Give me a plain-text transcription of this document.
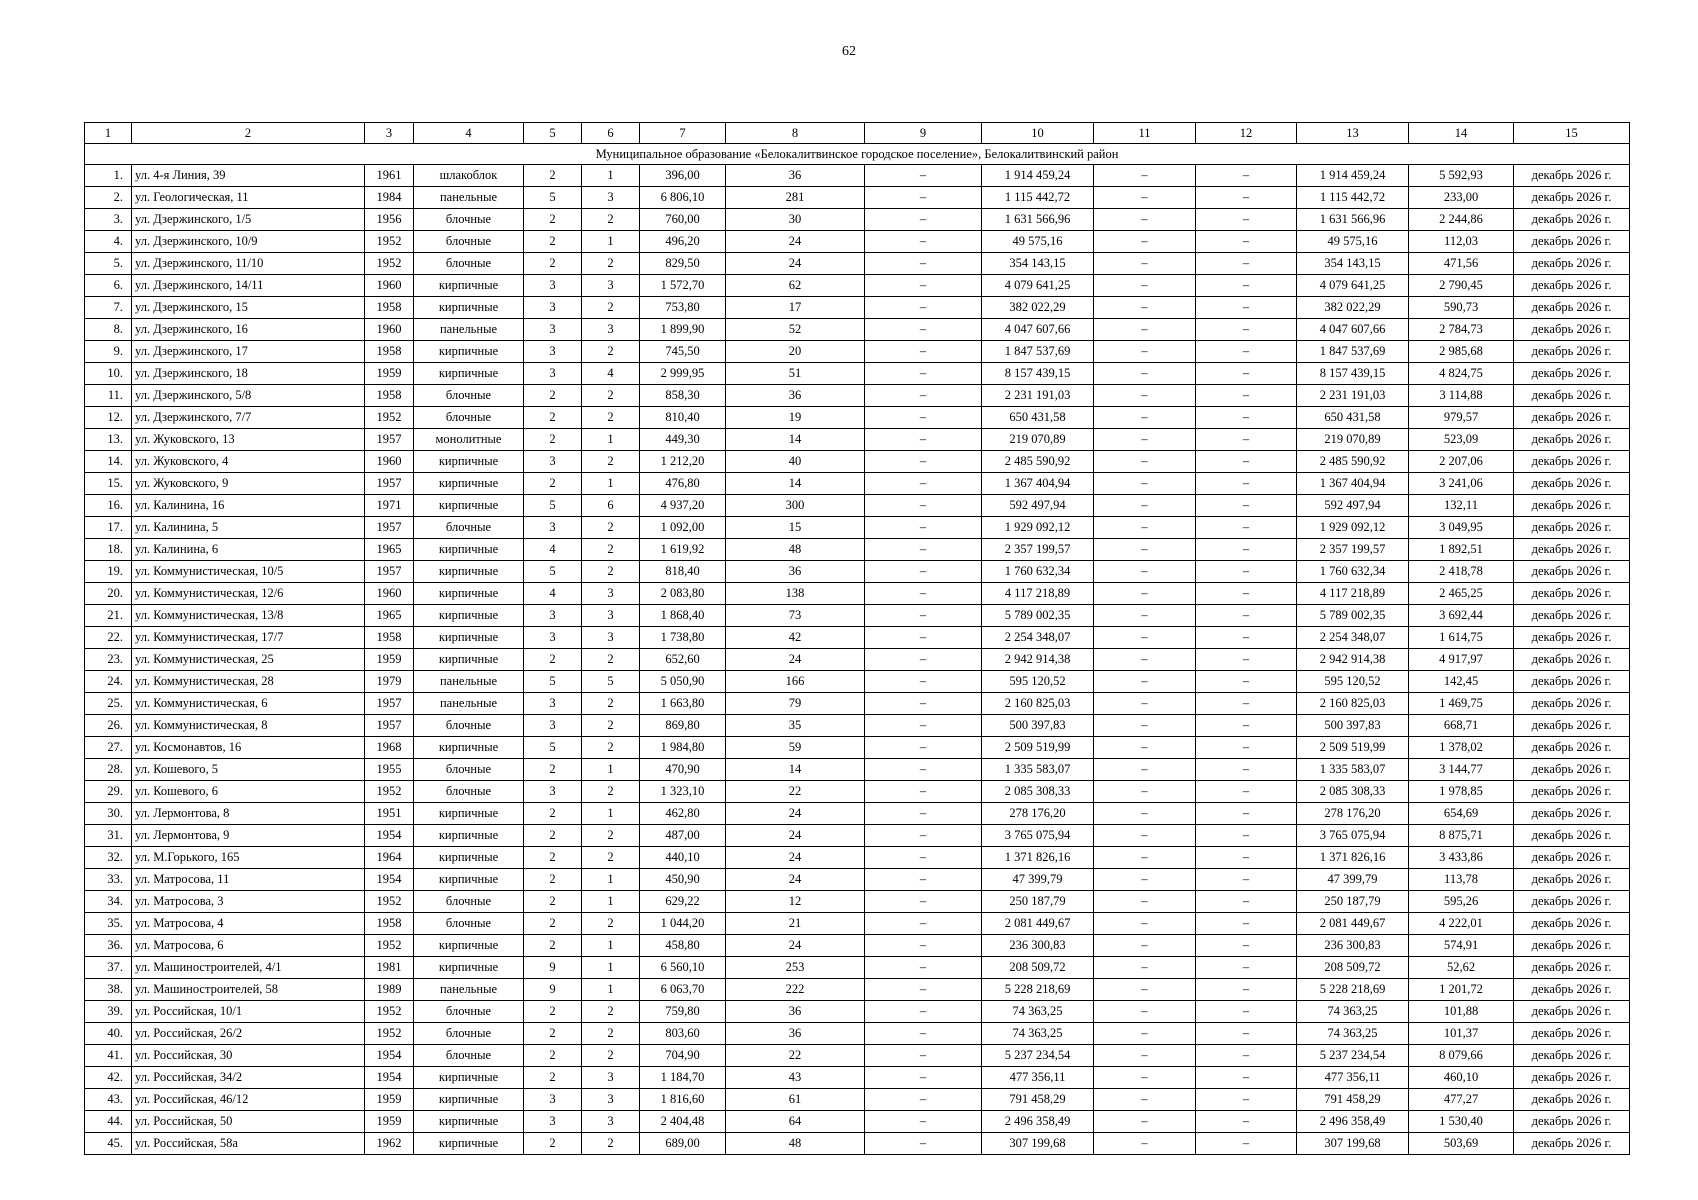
62
1	2	3	4	5	6	7	8	9	10	11	12	13	14	15
Муниципальное образование «Белокалитвинское городское поселение», Белокалитвинский район														
1.	ул. 4-я Линия, 39	1961	шлакоблок	2	1	396,00	36	–	1 914 459,24	–	–	1 914 459,24	5 592,93	декабрь 2026 г.
2.	ул. Геологическая, 11	1984	панельные	5	3	6 806,10	281	–	1 115 442,72	–	–	1 115 442,72	233,00	декабрь 2026 г.
3.	ул. Дзержинского, 1/5	1956	блочные	2	2	760,00	30	–	1 631 566,96	–	–	1 631 566,96	2 244,86	декабрь 2026 г.
4.	ул. Дзержинского, 10/9	1952	блочные	2	1	496,20	24	–	49 575,16	–	–	49 575,16	112,03	декабрь 2026 г.
5.	ул. Дзержинского, 11/10	1952	блочные	2	2	829,50	24	–	354 143,15	–	–	354 143,15	471,56	декабрь 2026 г.
6.	ул. Дзержинского, 14/11	1960	кирпичные	3	3	1 572,70	62	–	4 079 641,25	–	–	4 079 641,25	2 790,45	декабрь 2026 г.
7.	ул. Дзержинского, 15	1958	кирпичные	3	2	753,80	17	–	382 022,29	–	–	382 022,29	590,73	декабрь 2026 г.
8.	ул. Дзержинского, 16	1960	панельные	3	3	1 899,90	52	–	4 047 607,66	–	–	4 047 607,66	2 784,73	декабрь 2026 г.
9.	ул. Дзержинского, 17	1958	кирпичные	3	2	745,50	20	–	1 847 537,69	–	–	1 847 537,69	2 985,68	декабрь 2026 г.
10.	ул. Дзержинского, 18	1959	кирпичные	3	4	2 999,95	51	–	8 157 439,15	–	–	8 157 439,15	4 824,75	декабрь 2026 г.
11.	ул. Дзержинского, 5/8	1958	блочные	2	2	858,30	36	–	2 231 191,03	–	–	2 231 191,03	3 114,88	декабрь 2026 г.
12.	ул. Дзержинского, 7/7	1952	блочные	2	2	810,40	19	–	650 431,58	–	–	650 431,58	979,57	декабрь 2026 г.
13.	ул. Жуковского, 13	1957	монолитные	2	1	449,30	14	–	219 070,89	–	–	219 070,89	523,09	декабрь 2026 г.
14.	ул. Жуковского, 4	1960	кирпичные	3	2	1 212,20	40	–	2 485 590,92	–	–	2 485 590,92	2 207,06	декабрь 2026 г.
15.	ул. Жуковского, 9	1957	кирпичные	2	1	476,80	14	–	1 367 404,94	–	–	1 367 404,94	3 241,06	декабрь 2026 г.
16.	ул. Калинина, 16	1971	кирпичные	5	6	4 937,20	300	–	592 497,94	–	–	592 497,94	132,11	декабрь 2026 г.
17.	ул. Калинина, 5	1957	блочные	3	2	1 092,00	15	–	1 929 092,12	–	–	1 929 092,12	3 049,95	декабрь 2026 г.
18.	ул. Калинина, 6	1965	кирпичные	4	2	1 619,92	48	–	2 357 199,57	–	–	2 357 199,57	1 892,51	декабрь 2026 г.
19.	ул. Коммунистическая, 10/5	1957	кирпичные	5	2	818,40	36	–	1 760 632,34	–	–	1 760 632,34	2 418,78	декабрь 2026 г.
20.	ул. Коммунистическая, 12/6	1960	кирпичные	4	3	2 083,80	138	–	4 117 218,89	–	–	4 117 218,89	2 465,25	декабрь 2026 г.
21.	ул. Коммунистическая, 13/8	1965	кирпичные	3	3	1 868,40	73	–	5 789 002,35	–	–	5 789 002,35	3 692,44	декабрь 2026 г.
22.	ул. Коммунистическая, 17/7	1958	кирпичные	3	3	1 738,80	42	–	2 254 348,07	–	–	2 254 348,07	1 614,75	декабрь 2026 г.
23.	ул. Коммунистическая, 25	1959	кирпичные	2	2	652,60	24	–	2 942 914,38	–	–	2 942 914,38	4 917,97	декабрь 2026 г.
24.	ул. Коммунистическая, 28	1979	панельные	5	5	5 050,90	166	–	595 120,52	–	–	595 120,52	142,45	декабрь 2026 г.
25.	ул. Коммунистическая, 6	1957	панельные	3	2	1 663,80	79	–	2 160 825,03	–	–	2 160 825,03	1 469,75	декабрь 2026 г.
26.	ул. Коммунистическая, 8	1957	блочные	3	2	869,80	35	–	500 397,83	–	–	500 397,83	668,71	декабрь 2026 г.
27.	ул. Космонавтов, 16	1968	кирпичные	5	2	1 984,80	59	–	2 509 519,99	–	–	2 509 519,99	1 378,02	декабрь 2026 г.
28.	ул. Кошевого, 5	1955	блочные	2	1	470,90	14	–	1 335 583,07	–	–	1 335 583,07	3 144,77	декабрь 2026 г.
29.	ул. Кошевого, 6	1952	блочные	3	2	1 323,10	22	–	2 085 308,33	–	–	2 085 308,33	1 978,85	декабрь 2026 г.
30.	ул. Лермонтова, 8	1951	кирпичные	2	1	462,80	24	–	278 176,20	–	–	278 176,20	654,69	декабрь 2026 г.
31.	ул. Лермонтова, 9	1954	кирпичные	2	2	487,00	24	–	3 765 075,94	–	–	3 765 075,94	8 875,71	декабрь 2026 г.
32.	ул. М.Горького, 165	1964	кирпичные	2	2	440,10	24	–	1 371 826,16	–	–	1 371 826,16	3 433,86	декабрь 2026 г.
33.	ул. Матросова, 11	1954	кирпичные	2	1	450,90	24	–	47 399,79	–	–	47 399,79	113,78	декабрь 2026 г.
34.	ул. Матросова, 3	1952	блочные	2	1	629,22	12	–	250 187,79	–	–	250 187,79	595,26	декабрь 2026 г.
35.	ул. Матросова, 4	1958	блочные	2	2	1 044,20	21	–	2 081 449,67	–	–	2 081 449,67	4 222,01	декабрь 2026 г.
36.	ул. Матросова, 6	1952	кирпичные	2	1	458,80	24	–	236 300,83	–	–	236 300,83	574,91	декабрь 2026 г.
37.	ул. Машиностроителей, 4/1	1981	кирпичные	9	1	6 560,10	253	–	208 509,72	–	–	208 509,72	52,62	декабрь 2026 г.
38.	ул. Машиностроителей, 58	1989	панельные	9	1	6 063,70	222	–	5 228 218,69	–	–	5 228 218,69	1 201,72	декабрь 2026 г.
39.	ул. Российская, 10/1	1952	блочные	2	2	759,80	36	–	74 363,25	–	–	74 363,25	101,88	декабрь 2026 г.
40.	ул. Российская, 26/2	1952	блочные	2	2	803,60	36	–	74 363,25	–	–	74 363,25	101,37	декабрь 2026 г.
41.	ул. Российская, 30	1954	блочные	2	2	704,90	22	–	5 237 234,54	–	–	5 237 234,54	8 079,66	декабрь 2026 г.
42.	ул. Российская, 34/2	1954	кирпичные	2	3	1 184,70	43	–	477 356,11	–	–	477 356,11	460,10	декабрь 2026 г.
43.	ул. Российская, 46/12	1959	кирпичные	3	3	1 816,60	61	–	791 458,29	–	–	791 458,29	477,27	декабрь 2026 г.
44.	ул. Российская, 50	1959	кирпичные	3	3	2 404,48	64	–	2 496 358,49	–	–	2 496 358,49	1 530,40	декабрь 2026 г.
45.	ул. Российская, 58а	1962	кирпичные	2	2	689,00	48	–	307 199,68	–	–	307 199,68	503,69	декабрь 2026 г.
